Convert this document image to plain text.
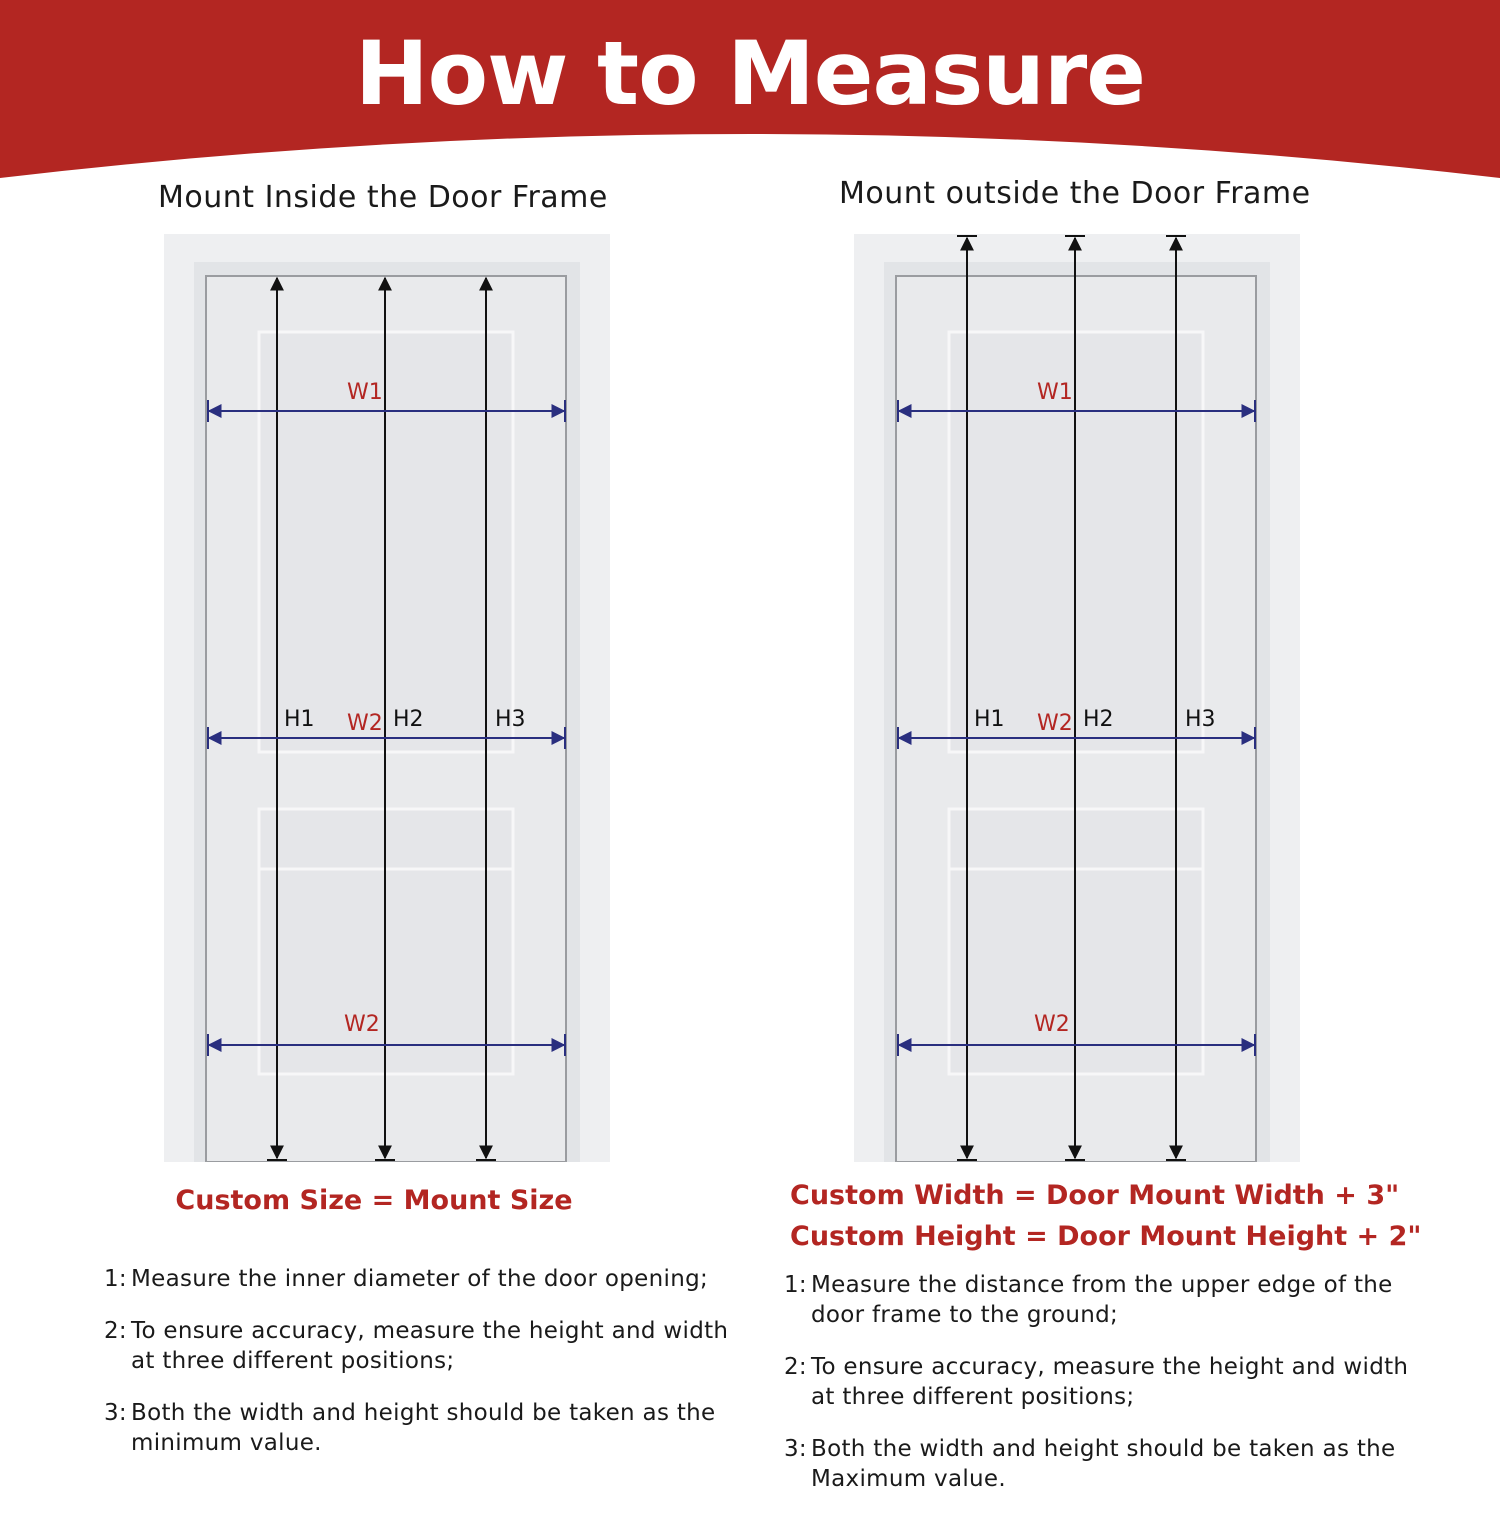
How to Measure
Mount Inside the Door Frame
W1
W2
W2
H1	H2	H3
Custom Size = Mount Size
1: Measure the inner diameter of the door opening;
2: To ensure accuracy, measure the height and width at three different positions;
3: Both the width and height should be taken as the minimum value.
Mount outside the Door Frame
W1
W2
W2
H1	H2	H3
Custom Width = Door Mount Width + 3"
Custom Height = Door Mount Height + 2"
1: Measure the distance from the upper edge of the door frame to the ground;
2: To ensure accuracy, measure the height and width at three different positions;
3: Both the width and height should be taken as the Maximum value.
